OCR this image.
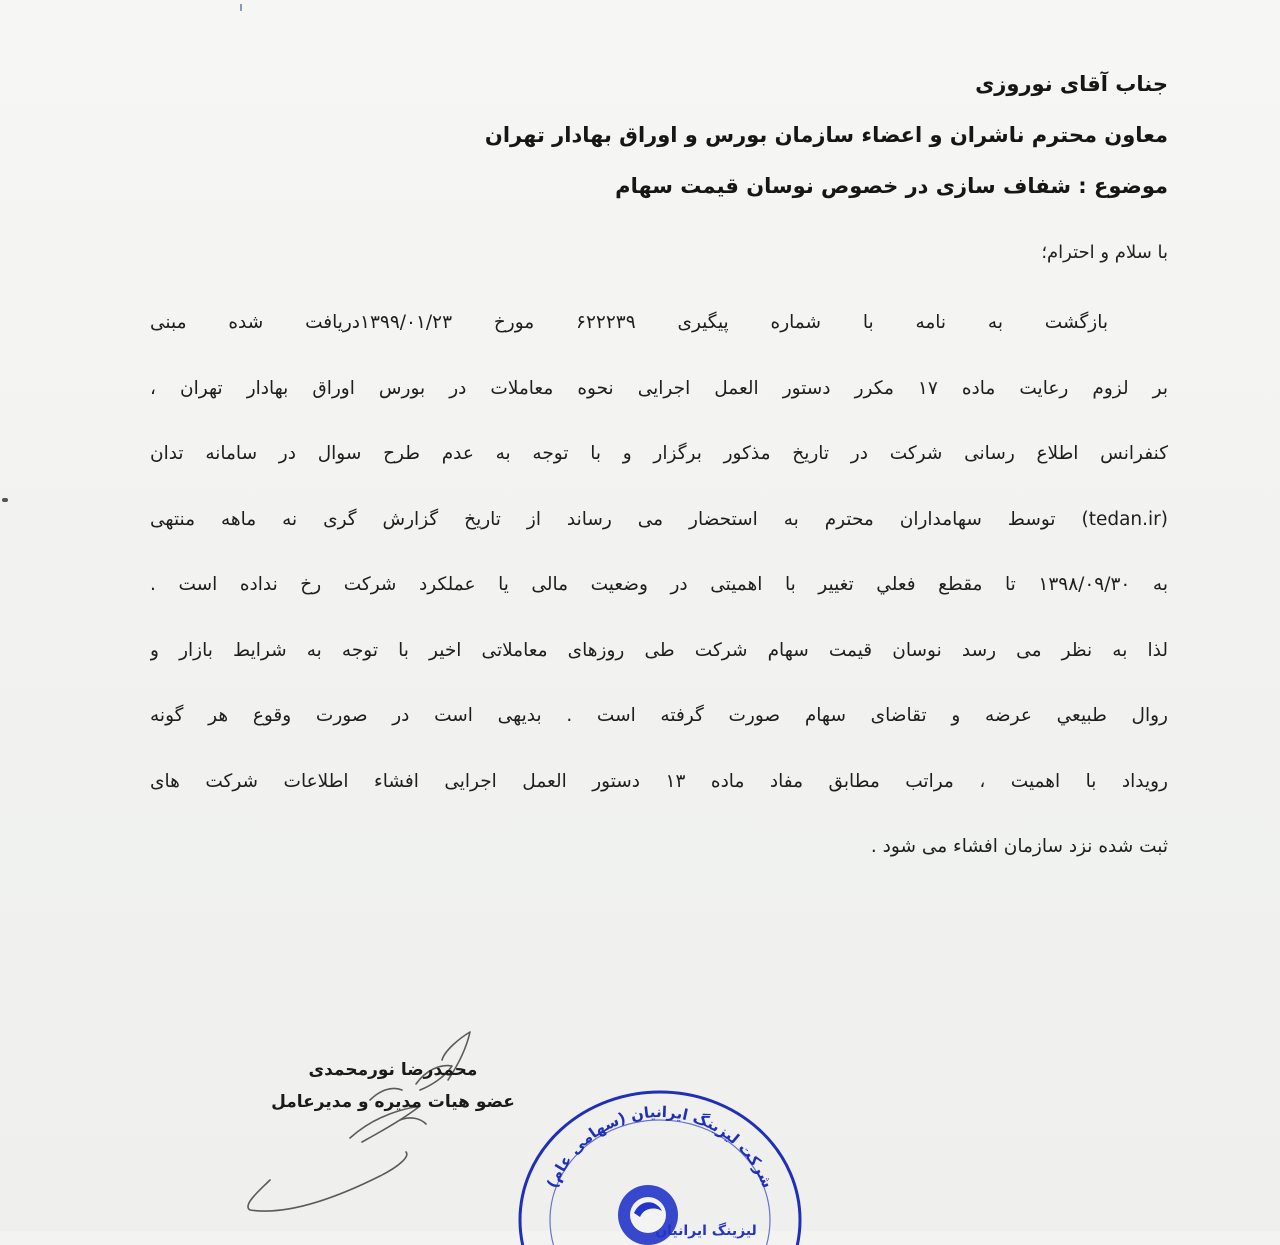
جناب آقای نوروزی
معاون محترم ناشران و اعضاء سازمان بورس و اوراق بهادار تهران
موضوع : شفاف سازی در خصوص نوسان قیمت سهام
با سلام و احترام؛
بازگشت به نامه با شماره پیگیری ۶۲۲۲۳۹ مورخ ۱۳۹۹/۰۱/۲۳دریافت شده مبنی
بر لزوم رعایت ماده ۱۷ مکرر دستور العمل اجرایی نحوه معاملات در بورس اوراق بهادار تهران ،
کنفرانس اطلاع رسانی شرکت در تاریخ مذکور برگزار و با توجه به عدم طرح سوال در سامانه تدان
(tedan.ir) توسط سهامداران محترم به استحضار می رساند از تاریخ گزارش گری نه ماهه منتهی
به ۱۳۹۸/۰۹/۳۰ تا مقطع فعلي تغيير با اهميتی در وضعيت مالی يا عملكرد شرکت رخ نداده است .
لذا به نظر می رسد نوسان قيمت سهام شركت طی روزهای معاملاتی اخير با توجه به شرايط بازار و
روال طبيعي عرضه و تقاضای سهام صورت گرفته است . بديهی است در صورت وقوع هر گونه
رويداد با اهميت ، مراتب مطابق مفاد ماده ۱۳ دستور العمل اجرايی افشاء اطلاعات شركت های
ثبت شده نزد سازمان افشاء می شود .
محمدرضا نورمحمدی
عضو هيات مديره و مديرعامل
شرکت لیزینگ ایرانیان (سهامی عام)
لیزینگ ایرانیان
